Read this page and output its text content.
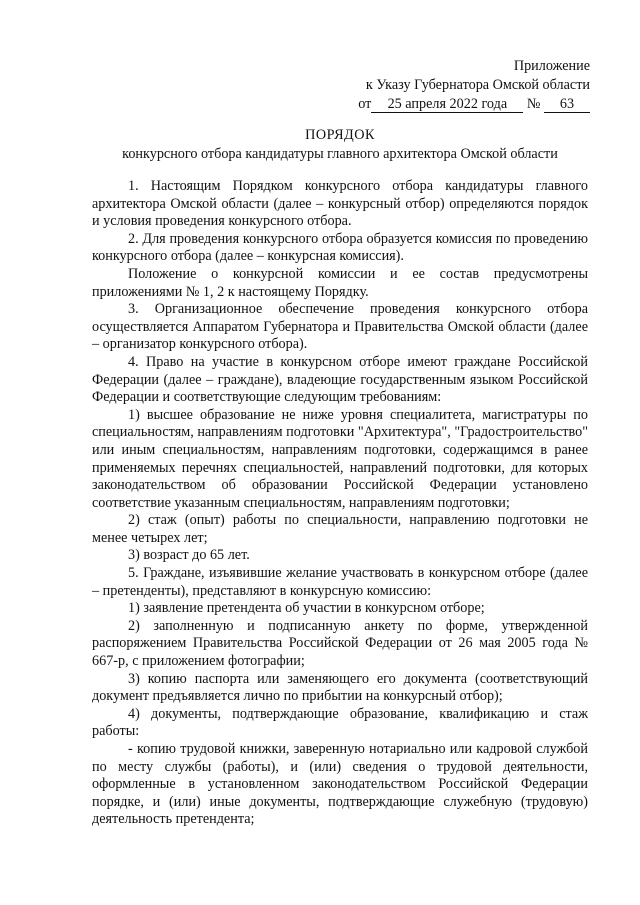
Приложение
к Указу Губернатора Омской области
от 25 апреля 2022 года № 63
ПОРЯДОК
конкурсного отбора кандидатуры главного архитектора Омской области

1. Настоящим Порядком конкурсного отбора кандидатуры главного архитектора Омской области (далее – конкурсный отбор) определяются порядок и условия проведения конкурсного отбора.

2. Для проведения конкурсного отбора образуется комиссия по проведению конкурсного отбора (далее – конкурсная комиссия).

Положение о конкурсной комиссии и ее состав предусмотрены приложениями № 1, 2 к настоящему Порядку.

3. Организационное обеспечение проведения конкурсного отбора осуществляется Аппаратом Губернатора и Правительства Омской области (далее – организатор конкурсного отбора).

4. Право на участие в конкурсном отборе имеют граждане Российской Федерации (далее – граждане), владеющие государственным языком Российской Федерации и соответствующие следующим требованиям:

1) высшее образование не ниже уровня специалитета, магистратуры по специальностям, направлениям подготовки "Архитектура", "Градостроительство" или иным специальностям, направлениям подготовки, содержащимся в ранее применяемых перечнях специальностей, направлений подготовки, для которых законодательством об образовании Российской Федерации установлено соответствие указанным специальностям, направлениям подготовки;

2) стаж (опыт) работы по специальности, направлению подготовки не менее четырех лет;

3) возраст до 65 лет.

5. Граждане, изъявившие желание участвовать в конкурсном отборе (далее – претенденты), представляют в конкурсную комиссию:

1) заявление претендента об участии в конкурсном отборе;

2) заполненную и подписанную анкету по форме, утвержденной распоряжением Правительства Российской Федерации от 26 мая 2005 года № 667-р, с приложением фотографии;

3) копию паспорта или заменяющего его документа (соответствующий документ предъявляется лично по прибытии на конкурсный отбор);

4) документы, подтверждающие образование, квалификацию и стаж работы:

- копию трудовой книжки, заверенную нотариально или кадровой службой по месту службы (работы), и (или) сведения о трудовой деятельности, оформленные в установленном законодательством Российской Федерации порядке, и (или) иные документы, подтверждающие служебную (трудовую) деятельность претендента;
